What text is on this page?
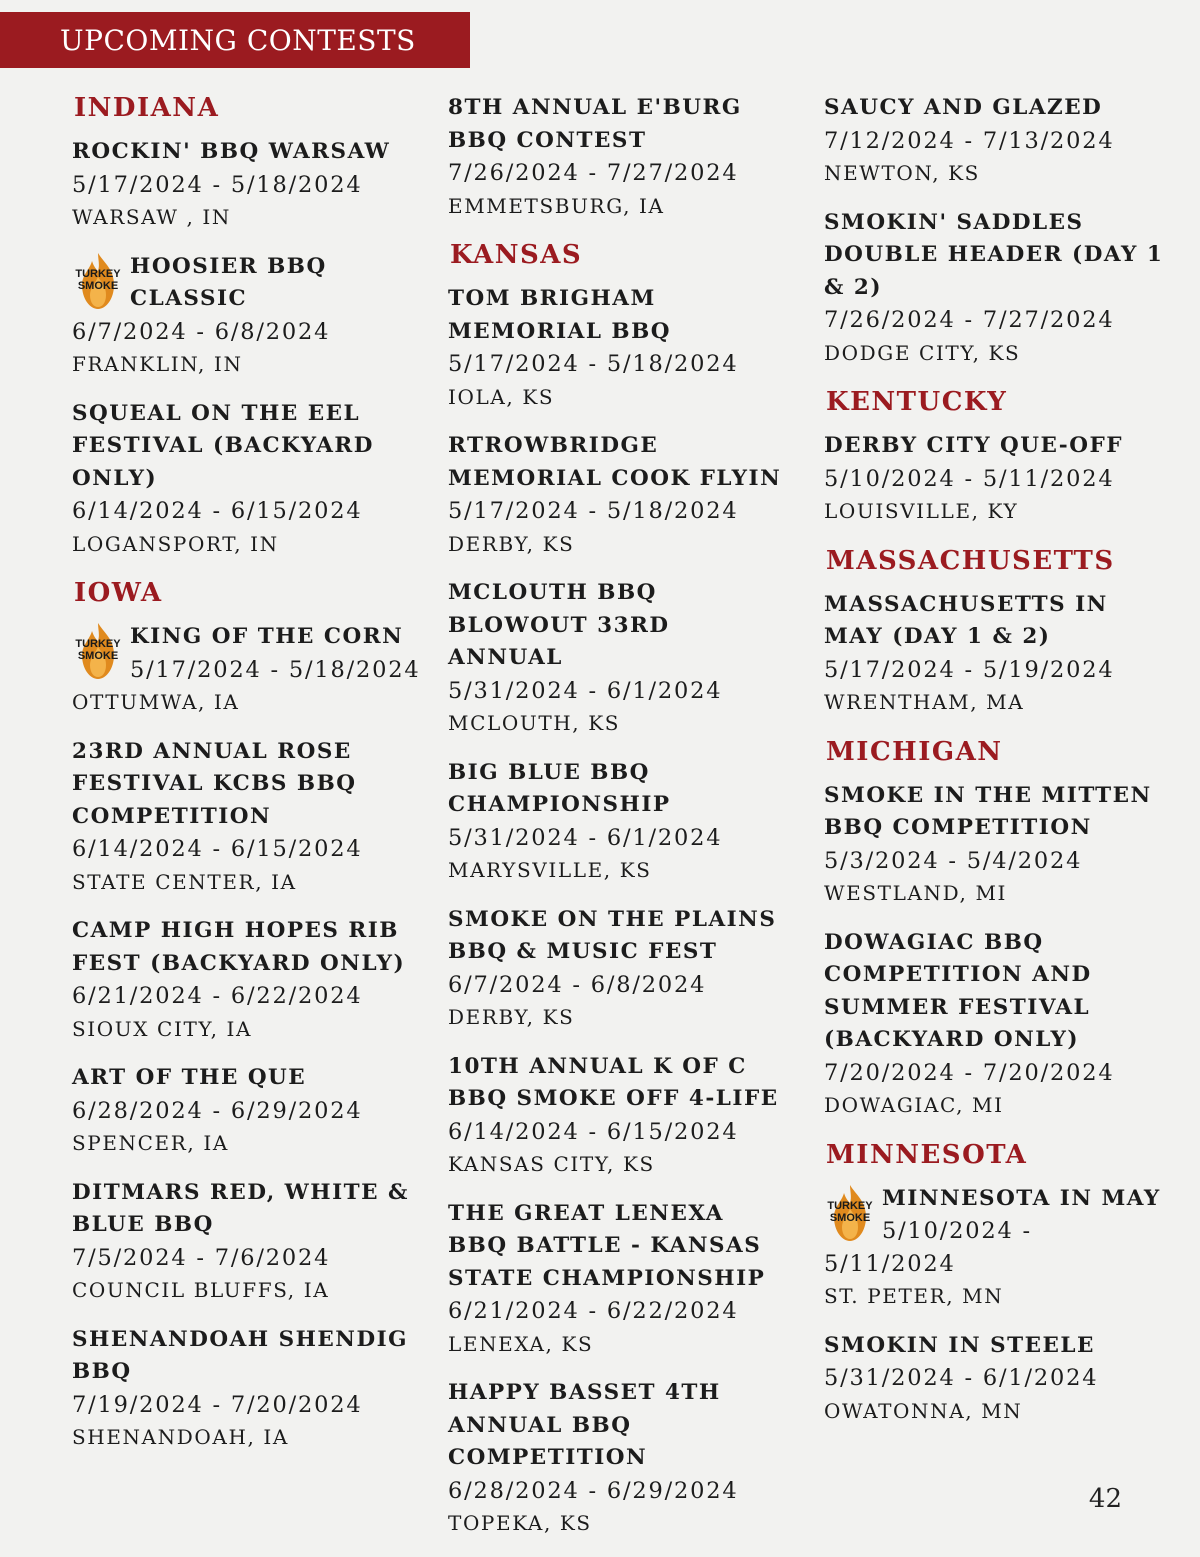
UPCOMING CONTESTS
INDIANA
ROCKIN' BBQ WARSAW
5/17/2024 - 5/18/2024
WARSAW , IN
TURKEY
SMOKE
HOOSIER BBQ CLASSIC
6/7/2024 - 6/8/2024
FRANKLIN, IN
SQUEAL ON THE EEL FESTIVAL (BACKYARD ONLY)
6/14/2024 - 6/15/2024
LOGANSPORT, IN
IOWA
TURKEY
SMOKE
KING OF THE CORN
5/17/2024 - 5/18/2024
OTTUMWA, IA
23RD ANNUAL ROSE FESTIVAL KCBS BBQ COMPETITION
6/14/2024 - 6/15/2024
STATE CENTER, IA
CAMP HIGH HOPES RIB FEST (BACKYARD ONLY)
6/21/2024 - 6/22/2024
SIOUX CITY, IA
ART OF THE QUE
6/28/2024 - 6/29/2024
SPENCER, IA
DITMARS RED, WHITE & BLUE BBQ
7/5/2024 - 7/6/2024
COUNCIL BLUFFS, IA
SHENANDOAH SHENDIG BBQ
7/19/2024 - 7/20/2024
SHENANDOAH, IA
8TH ANNUAL E'BURG BBQ CONTEST
7/26/2024 - 7/27/2024
EMMETSBURG, IA
KANSAS
TOM BRIGHAM MEMORIAL BBQ
5/17/2024 - 5/18/2024
IOLA, KS
RTROWBRIDGE MEMORIAL COOK FLYIN
5/17/2024 - 5/18/2024
DERBY, KS
MCLOUTH BBQ BLOWOUT 33RD ANNUAL
5/31/2024 - 6/1/2024
MCLOUTH, KS
BIG BLUE BBQ CHAMPIONSHIP
5/31/2024 - 6/1/2024
MARYSVILLE, KS
SMOKE ON THE PLAINS BBQ & MUSIC FEST
6/7/2024 - 6/8/2024
DERBY, KS
10TH ANNUAL K OF C BBQ SMOKE OFF 4-LIFE
6/14/2024 - 6/15/2024
KANSAS CITY, KS
THE GREAT LENEXA BBQ BATTLE - KANSAS STATE CHAMPIONSHIP
6/21/2024 - 6/22/2024
LENEXA, KS
HAPPY BASSET 4TH ANNUAL BBQ COMPETITION
6/28/2024 - 6/29/2024
TOPEKA, KS
SAUCY AND GLAZED
7/12/2024 - 7/13/2024
NEWTON, KS
SMOKIN' SADDLES DOUBLE HEADER (DAY 1 & 2)
7/26/2024 - 7/27/2024
DODGE CITY, KS
KENTUCKY
DERBY CITY QUE-OFF
5/10/2024 - 5/11/2024
LOUISVILLE, KY
MASSACHUSETTS
MASSACHUSETTS IN MAY (DAY 1 & 2)
5/17/2024 - 5/19/2024
WRENTHAM, MA
MICHIGAN
SMOKE IN THE MITTEN BBQ COMPETITION
5/3/2024 - 5/4/2024
WESTLAND, MI
DOWAGIAC BBQ COMPETITION AND SUMMER FESTIVAL (BACKYARD ONLY)
7/20/2024 - 7/20/2024
DOWAGIAC, MI
MINNESOTA
TURKEY
SMOKE
MINNESOTA IN MAY
5/10/2024 - 5/11/2024
ST. PETER, MN
SMOKIN IN STEELE
5/31/2024 - 6/1/2024
OWATONNA, MN
42
